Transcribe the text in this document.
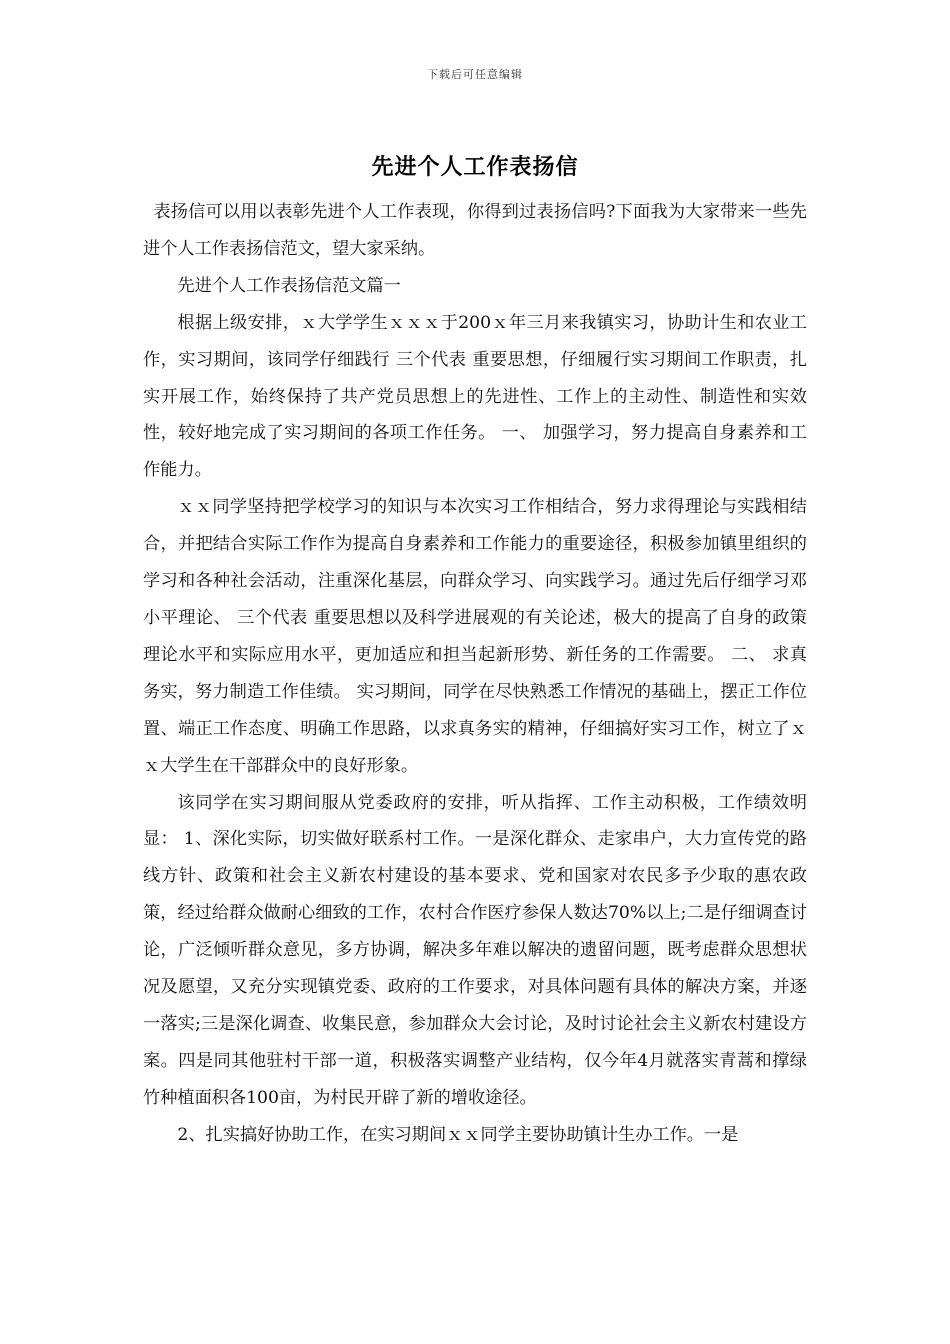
下载后可任意编辑
先进个人工作表扬信

表扬信可以用以表彰先进个人工作表现，你得到过表扬信吗?下面我为大家带来一些先进个人工作表扬信范文，望大家采纳。

先进个人工作表扬信范文篇一

根据上级安排，ｘ大学学生ｘｘｘ于200ｘ年三月来我镇实习，协助计生和农业工作，实习期间，该同学仔细践行 三个代表 重要思想，仔细履行实习期间工作职责，扎实开展工作，始终保持了共产党员思想上的先进性、工作上的主动性、制造性和实效性，较好地完成了实习期间的各项工作任务。 一、 加强学习，努力提高自身素养和工作能力。

ｘｘ同学坚持把学校学习的知识与本次实习工作相结合，努力求得理论与实践相结合，并把结合实际工作作为提高自身素养和工作能力的重要途径，积极参加镇里组织的学习和各种社会活动，注重深化基层，向群众学习、向实践学习。通过先后仔细学习邓小平理论、 三个代表 重要思想以及科学进展观的有关论述，极大的提高了自身的政策理论水平和实际应用水平，更加适应和担当起新形势、新任务的工作需要。 二、 求真务实，努力制造工作佳绩。 实习期间，同学在尽快熟悉工作情况的基础上，摆正工作位置、端正工作态度、明确工作思路，以求真务实的精神，仔细搞好实习工作，树立了ｘｘ大学生在干部群众中的良好形象。

该同学在实习期间服从党委政府的安排，听从指挥、工作主动积极，工作绩效明显： 1、深化实际，切实做好联系村工作。一是深化群众、走家串户，大力宣传党的路线方针、政策和社会主义新农村建设的基本要求、党和国家对农民多予少取的惠农政策，经过给群众做耐心细致的工作，农村合作医疗参保人数达70%以上;二是仔细调查讨论，广泛倾听群众意见，多方协调，解决多年难以解决的遗留问题，既考虑群众思想状况及愿望，又充分实现镇党委、政府的工作要求，对具体问题有具体的解决方案，并逐一落实;三是深化调查、收集民意，参加群众大会讨论，及时讨论社会主义新农村建设方案。四是同其他驻村干部一道，积极落实调整产业结构，仅今年4月就落实青蒿和撑绿竹种植面积各100亩，为村民开辟了新的增收途径。

2、扎实搞好协助工作，在实习期间ｘｘ同学主要协助镇计生办工作。一是
